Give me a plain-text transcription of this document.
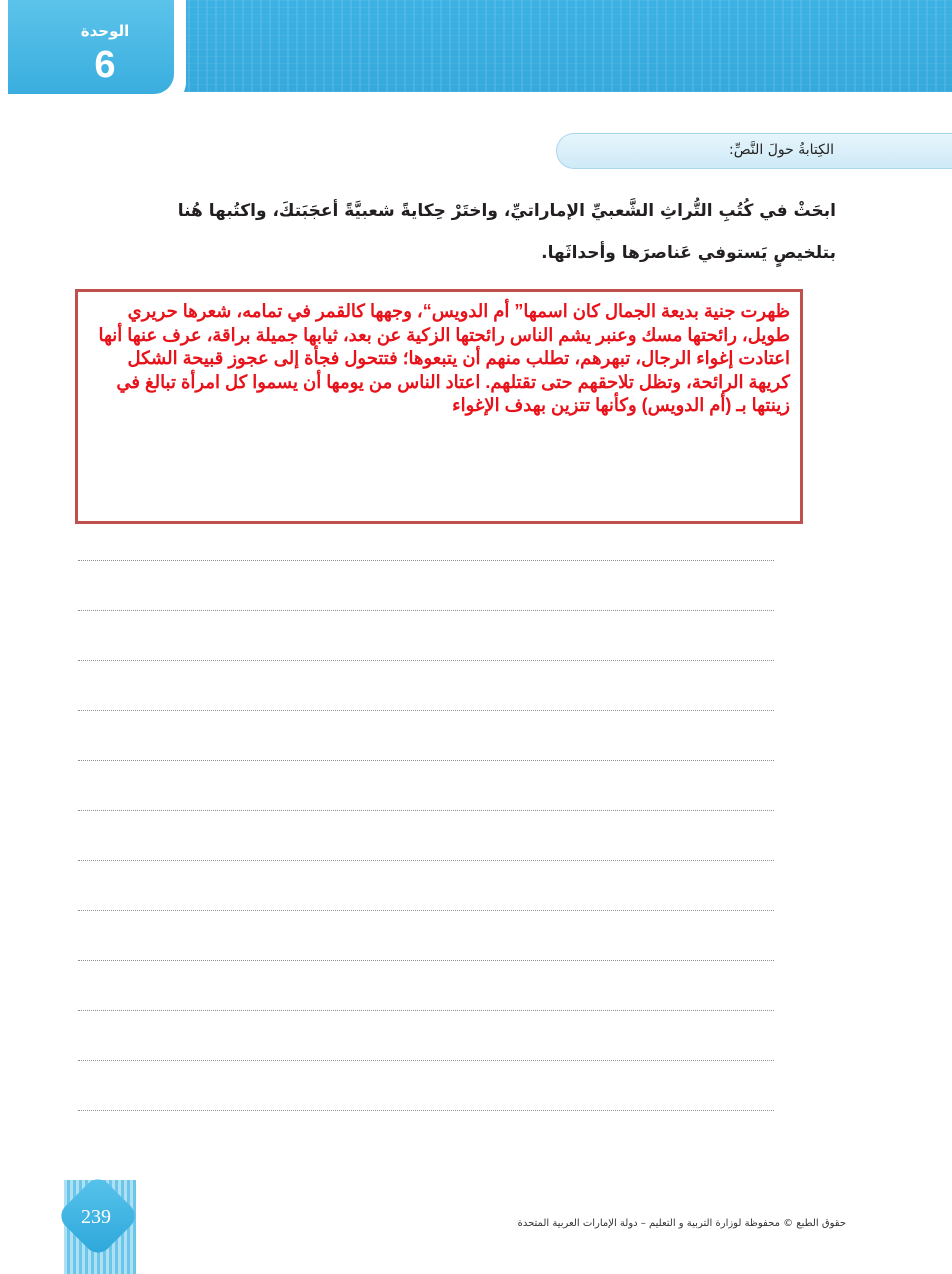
الوحدة
6
الكِتابةُ حولَ النَّصِّ:
ابحَثْ في كُتُبِ التُّراثِ الشَّعبيِّ الإماراتيِّ، واختَرْ حِكايةً شعبيَّةً أعجَبَتكَ، واكتُبها هُنا بتلخيصٍ يَستوفي عَناصرَها وأحداثَها.
ظهرت جنية بديعة الجمال كان اسمها” أم الدويس“، وجهها كالقمر في تمامه، شعرها حريري طويل، رائحتها مسك وعنبر يشم الناس رائحتها الزكية عن بعد، ثيابها جميلة براقة، عرف عنها أنها اعتادت إغواء الرجال، تبهرهم، تطلب منهم أن يتبعوها؛ فتتحول فجأة إلى عجوز قبيحة الشكل كريهة الرائحة، وتظل تلاحقهم حتى تقتلهم. اعتاد الناس من يومها أن يسموا كل امرأة تبالغ في زينتها بـ (أم الدويس) وكأنها تتزين بهدف الإغواء
239	حقوق الطبع © محفوظة لوزارة التربية و التعليم – دولة الإمارات العربية المتحدة
